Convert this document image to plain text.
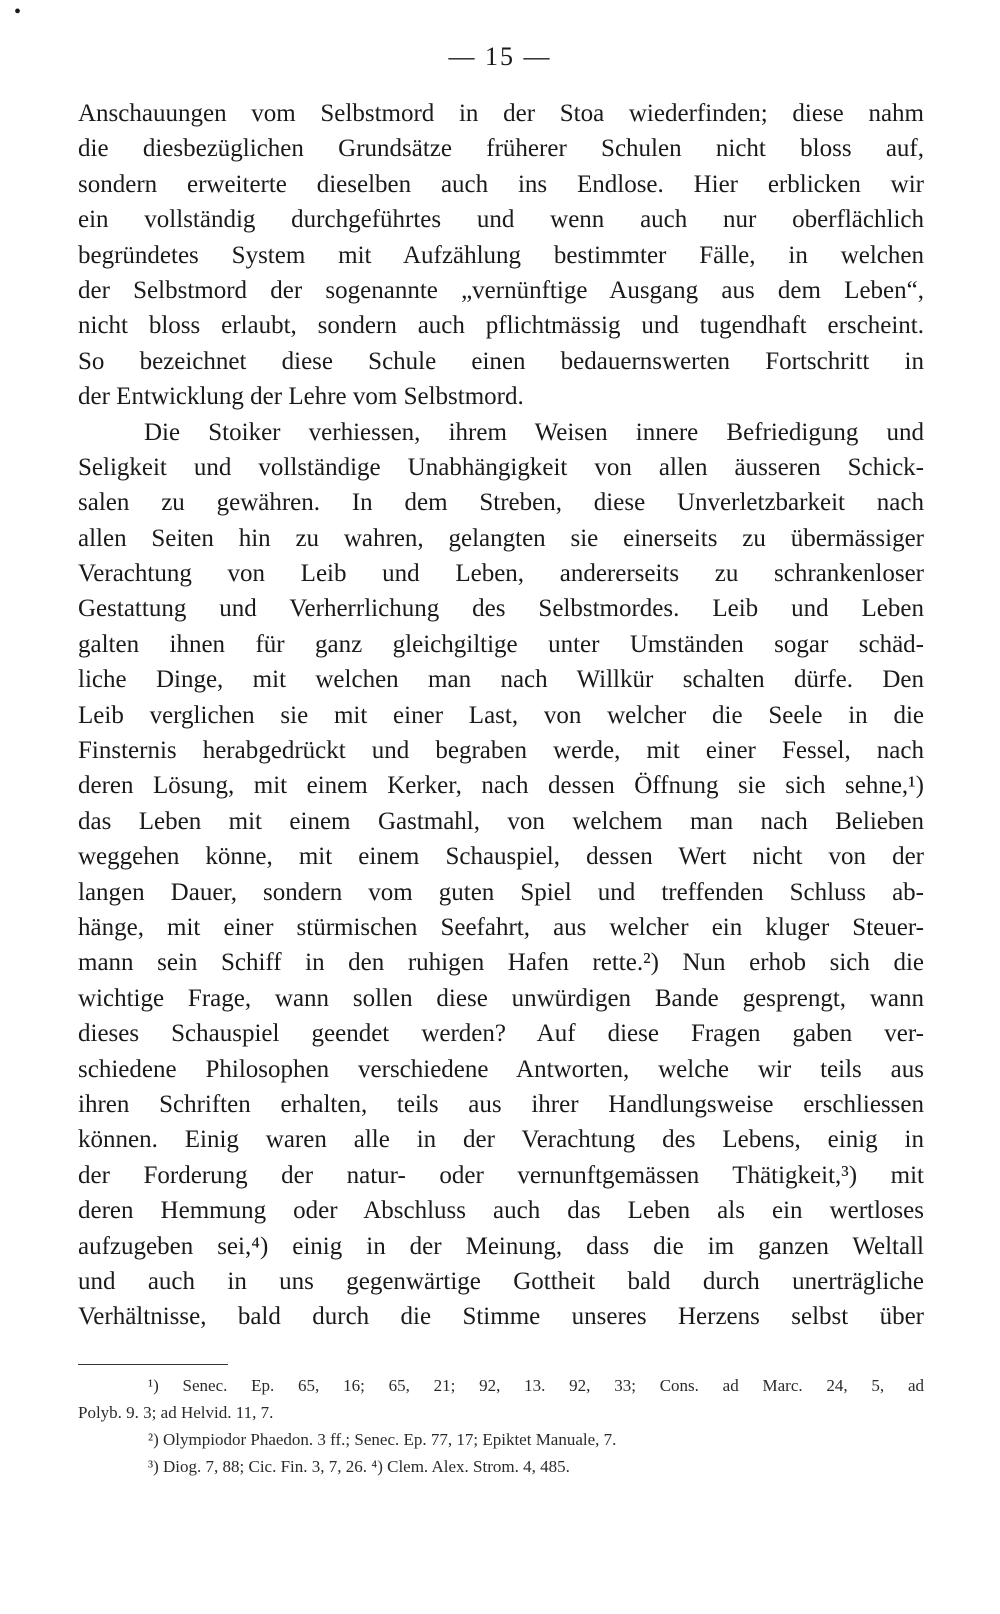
•
— 15 —
Anschauungen vom Selbstmord in der Stoa wiederfinden; diese nahm
die diesbezüglichen Grundsätze früherer Schulen nicht bloss auf,
sondern erweiterte dieselben auch ins Endlose. Hier erblicken wir
ein vollständig durchgeführtes und wenn auch nur oberflächlich
begründetes System mit Aufzählung bestimmter Fälle, in welchen
der Selbstmord der sogenannte „vernünftige Ausgang aus dem Leben“,
nicht bloss erlaubt, sondern auch pflichtmässig und tugendhaft erscheint.
So bezeichnet diese Schule einen bedauernswerten Fortschritt in
der Entwicklung der Lehre vom Selbstmord.
Die Stoiker verhiessen, ihrem Weisen innere Befriedigung und
Seligkeit und vollständige Unabhängigkeit von allen äusseren Schick-
salen zu gewähren. In dem Streben, diese Unverletzbarkeit nach
allen Seiten hin zu wahren, gelangten sie einerseits zu übermässiger
Verachtung von Leib und Leben, andererseits zu schrankenloser
Gestattung und Verherrlichung des Selbstmordes. Leib und Leben
galten ihnen für ganz gleichgiltige unter Umständen sogar schäd-
liche Dinge, mit welchen man nach Willkür schalten dürfe. Den
Leib verglichen sie mit einer Last, von welcher die Seele in die
Finsternis herabgedrückt und begraben werde, mit einer Fessel, nach
deren Lösung, mit einem Kerker, nach dessen Öffnung sie sich sehne,¹)
das Leben mit einem Gastmahl, von welchem man nach Belieben
weggehen könne, mit einem Schauspiel, dessen Wert nicht von der
langen Dauer, sondern vom guten Spiel und treffenden Schluss ab-
hänge, mit einer stürmischen Seefahrt, aus welcher ein kluger Steuer-
mann sein Schiff in den ruhigen Hafen rette.²) Nun erhob sich die
wichtige Frage, wann sollen diese unwürdigen Bande gesprengt, wann
dieses Schauspiel geendet werden? Auf diese Fragen gaben ver-
schiedene Philosophen verschiedene Antworten, welche wir teils aus
ihren Schriften erhalten, teils aus ihrer Handlungsweise erschliessen
können. Einig waren alle in der Verachtung des Lebens, einig in
der Forderung der natur- oder vernunftgemässen Thätigkeit,³) mit
deren Hemmung oder Abschluss auch das Leben als ein wertloses
aufzugeben sei,⁴) einig in der Meinung, dass die im ganzen Weltall
und auch in uns gegenwärtige Gottheit bald durch unerträgliche
Verhältnisse, bald durch die Stimme unseres Herzens selbst über
¹) Senec. Ep. 65, 16; 65, 21; 92, 13. 92, 33; Cons. ad Marc. 24, 5, ad
Polyb. 9. 3; ad Helvid. 11, 7.
²) Olympiodor Phaedon. 3 ff.; Senec. Ep. 77, 17; Epiktet Manuale, 7.
³) Diog. 7, 88; Cic. Fin. 3, 7, 26. ⁴) Clem. Alex. Strom. 4, 485.
